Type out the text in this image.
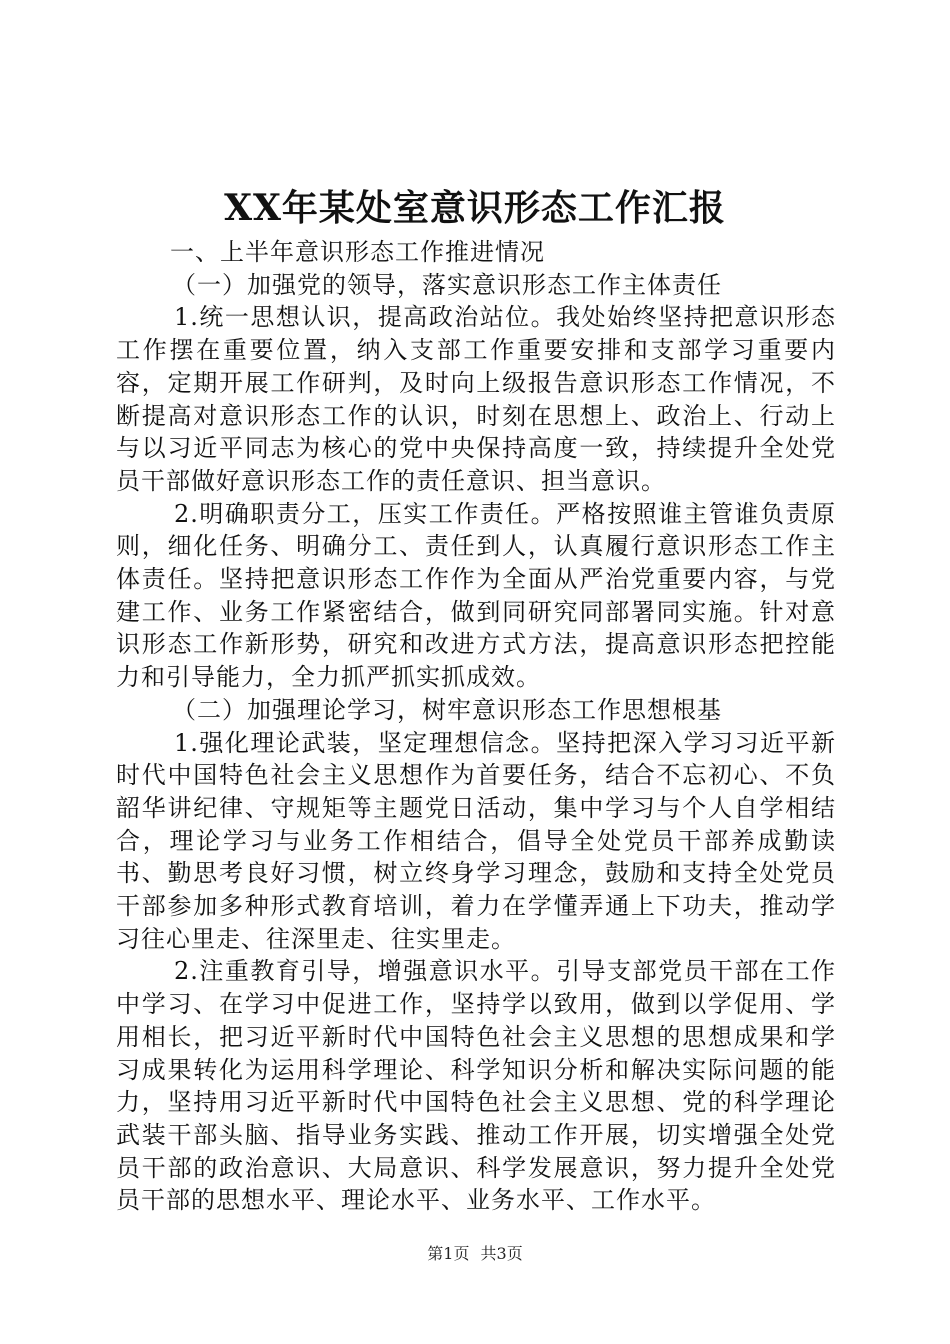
XX年某处室意识形态工作汇报

一、上半年意识形态工作推进情况

（一）加强党的领导，落实意识形态工作主体责任

1.统一思想认识，提高政治站位。我处始终坚持把意识形态工作摆在重要位置，纳入支部工作重要安排和支部学习重要内容，定期开展工作研判，及时向上级报告意识形态工作情况，不断提高对意识形态工作的认识，时刻在思想上、政治上、行动上与以习近平同志为核心的党中央保持高度一致，持续提升全处党员干部做好意识形态工作的责任意识、担当意识。

2.明确职责分工，压实工作责任。严格按照谁主管谁负责原则，细化任务、明确分工、责任到人，认真履行意识形态工作主体责任。坚持把意识形态工作作为全面从严治党重要内容，与党建工作、业务工作紧密结合，做到同研究同部署同实施。针对意识形态工作新形势，研究和改进方式方法，提高意识形态把控能力和引导能力，全力抓严抓实抓成效。

（二）加强理论学习，树牢意识形态工作思想根基

1.强化理论武装，坚定理想信念。坚持把深入学习习近平新时代中国特色社会主义思想作为首要任务，结合不忘初心、不负韶华讲纪律、守规矩等主题党日活动，集中学习与个人自学相结合，理论学习与业务工作相结合，倡导全处党员干部养成勤读书、勤思考良好习惯，树立终身学习理念，鼓励和支持全处党员干部参加多种形式教育培训，着力在学懂弄通上下功夫，推动学习往心里走、往深里走、往实里走。

2.注重教育引导，增强意识水平。引导支部党员干部在工作中学习、在学习中促进工作，坚持学以致用，做到以学促用、学用相长，把习近平新时代中国特色社会主义思想的思想成果和学习成果转化为运用科学理论、科学知识分析和解决实际问题的能力，坚持用习近平新时代中国特色社会主义思想、党的科学理论武装干部头脑、指导业务实践、推动工作开展，切实增强全处党员干部的政治意识、大局意识、科学发展意识，努力提升全处党员干部的思想水平、理论水平、业务水平、工作水平。

第1页 共3页
